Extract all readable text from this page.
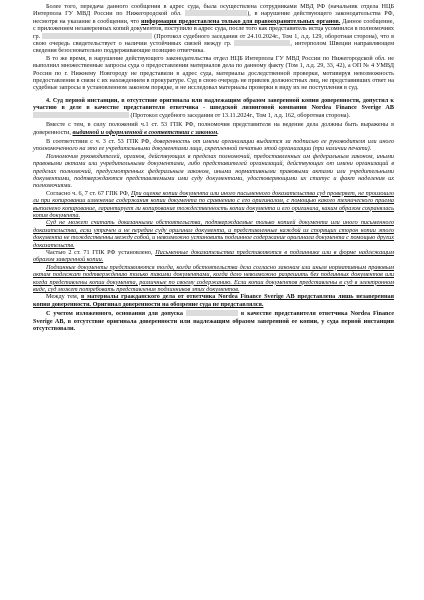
Более того, передача данного сообщения в адрес суда, была осуществлена сотрудниками МВД РФ (начальник отдела НЦБ Интерпола ГУ МВД России по Нижегородской обл.	), в нарушение действующего законодательства РФ, несмотря на указание в сообщении, что информация предоставлена только для правоохранительных органов. Данное сообщение, с приложением незаверенных копий документов, поступило в адрес суда, после того как представитель истца усомнился в полномочиях гр.	(Протокол судебного заседания от 24.10.2024г., Том 1, л.д. 129, оборотная сторона), что в свою очередь свидетельствует о наличии устойчивых связей между гр.	, интерполом Швеции направляющем сведения безосновательно поддерживающие позицию ответчика.

В то же время, в нарушение действующего законодательства отдел НЦБ Интерпола ГУ МВД России по Нижегородской обл. не выполнил множественные запросы суда о предоставлении материалов дела по данному факту (Том 1, л.д. 29, 33, 42), а ОП № 4 УМВД России по г. Нижнему Новгороду не представили в адрес суда, материалы доследственной проверки, мотивируя невозможность предоставления в связи с их нахождением в прокуратуре. Суд в свою очередь не привлек должностных лиц, не представивших ответ на судебные запросы в установленном законом порядке, и не исследовал материалы проверки в виду их не поступления в суд.

4. Суд первой инстанции, в отсутствие оригинала или надлежащим образом заверенной копии доверенности, допустил к участию в деле в качестве представителя ответчика - шведской лизинговой компании Nordea Finance Sverige AB  (Протокол судебного заседания от 13.11.2024г., Том 1, л.д. 162, оборотная сторона).

Вместе с тем, в силу положений ч.1 ст. 53 ГПК РФ, полномочия представителя на ведение дела должны быть выражены в доверенности, выданной и оформленной в соответствии с законом.

В соответствии с ч. 3 ст. 53 ГПК РФ, доверенность от имени организации выдается за подписью ее руководителя или иного уполномоченного на это ее учредительными документами лица, скрепленной печатью этой организации (при наличии печати).

Полномочия руководителей, органов, действующих в пределах полномочий, предоставленных им федеральным законом, иными правовыми актами или учредительными документами, либо представителей организаций, действующих от имени организаций в пределах полномочий, предусмотренных федеральным законом, иными нормативными правовыми актами или учредительными документами, подтверждаются представляемыми ими суду документами, удостоверяющими их статус и факт наделения их полномочиями.

Согласно ч. 6, 7 ст. 67 ГПК РФ, При оценке копии документа или иного письменного доказательства суд проверяет, не произошло ли при копировании изменение содержания копии документа по сравнению с его оригиналом, с помощью какого технического приема выполнено копирование, гарантирует ли копирование тождественность копии документа и его оригинала, каким образом сохранялась копия документа.

Суд не может считать доказанными обстоятельства, подтверждаемые только копией документа или иного письменного доказательства, если утрачен и не передан суду оригинал документа, и представленные каждой из спорящих сторон копии этого документа не тождественны между собой, и невозможно установить подлинное содержание оригинала документа с помощью других доказательств.

Частью 2 ст. 71 ГПК РФ установлено, Письменные доказательства представляются в подлиннике или в форме надлежащим образом заверенной копии.

Подлинные документы представляются тогда, когда обстоятельства дела согласно законам или иным нормативным правовым актам подлежат подтверждению только такими документами, когда дело невозможно разрешить без подлинных документов или когда представлены копии документа, различные по своему содержанию. Если копии документов представлены в суд в электронном виде, суд может потребовать представления подлинников этих документов.

Между тем, в материалы гражданского дела от ответчика Nordea Finance Sverige AB представлена лишь незаверенная копия доверенности. Оригинал доверенности на обозрение суда не представлялся.

С учетом изложенного, основания для допуска	в качестве представителя ответчика Nordea Finance Sverige AB, в отсутствие оригинала доверенности или надлежащим образом заверенной ее копии, у суда первой инстанции отсутствовали.
